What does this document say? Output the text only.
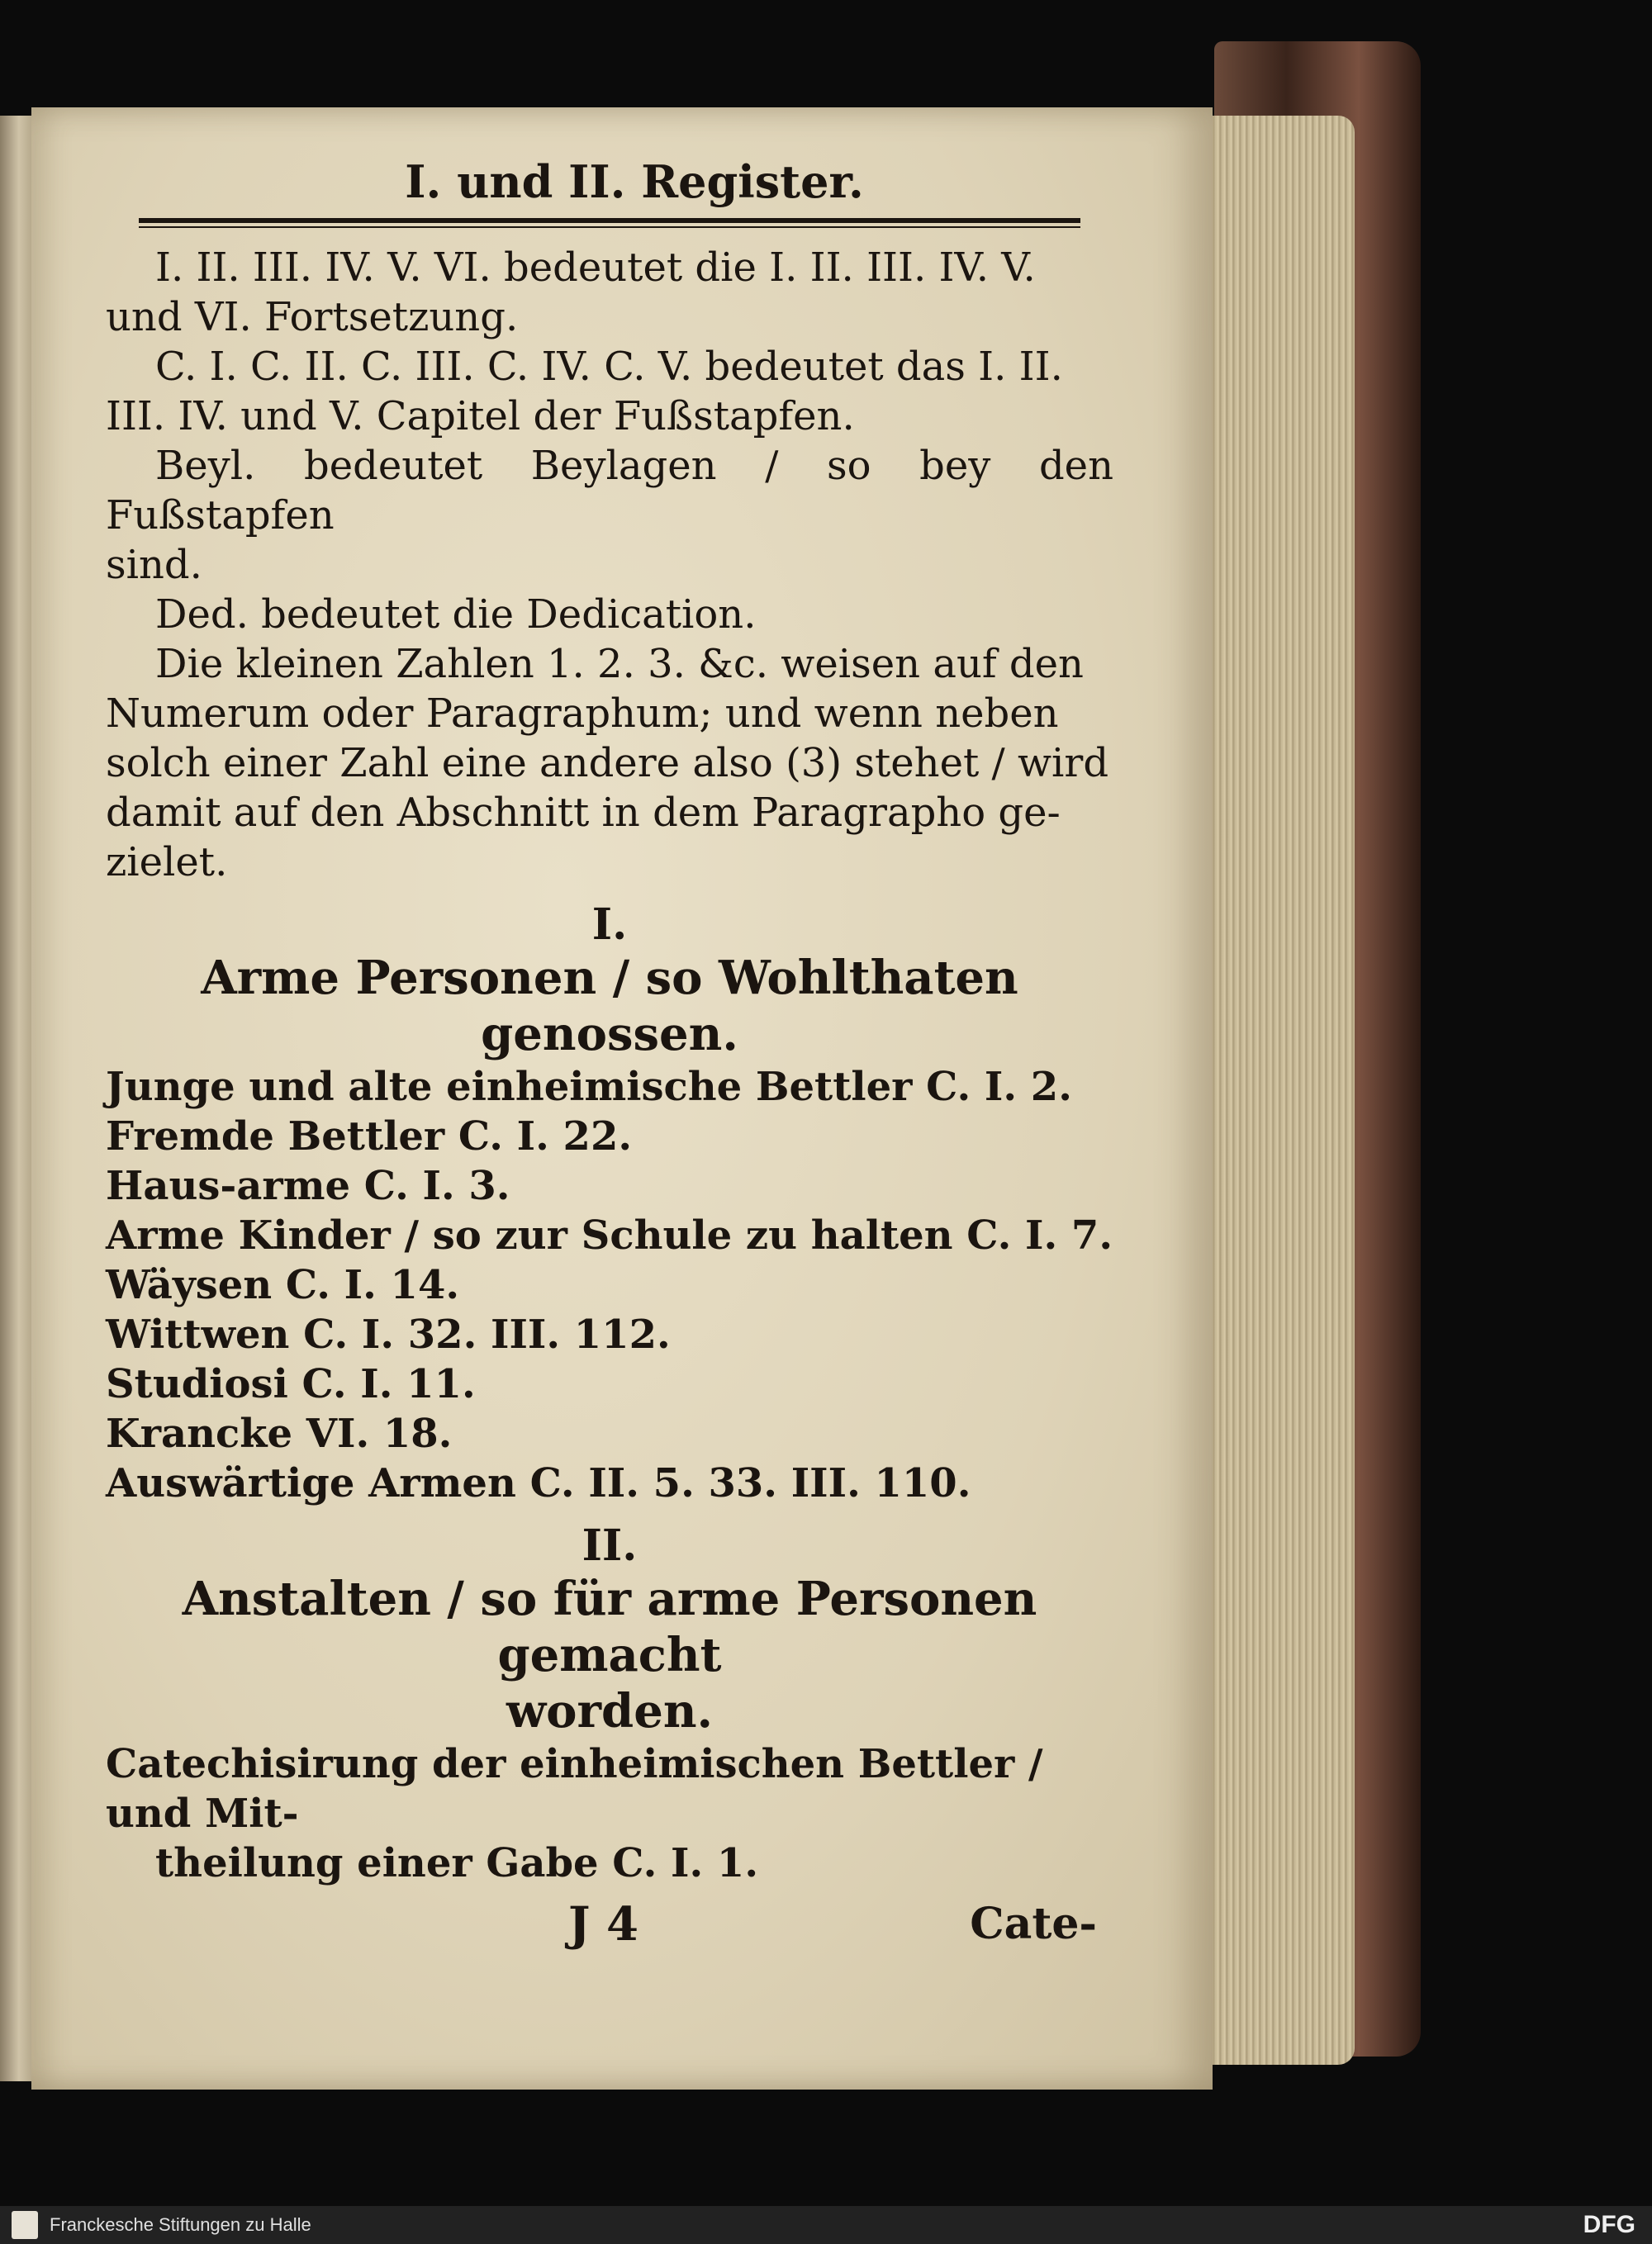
I. und II. Register.

I. II. III. IV. V. VI. bedeutet die I. II. III. IV. V.
und VI. Fortsetzung.

C. I. C. II. C. III. C. IV. C. V. bedeutet das I. II.
III. IV. und V. Capitel der Fußstapfen.

Beyl. bedeutet Beylagen / so bey den Fußstapfen
sind.

Ded. bedeutet die Dedication.

Die kleinen Zahlen 1. 2. 3. &c. weisen auf den
Numerum oder Paragraphum; und wenn neben
solch einer Zahl eine andere also (3) stehet / wird
damit auf den Abschnitt in dem Paragrapho ge-
zielet.

I.
Arme Personen / so Wohlthaten genossen.

Junge und alte einheimische Bettler C. I. 2.

Fremde Bettler C. I. 22.

Haus-arme C. I. 3.

Arme Kinder / so zur Schule zu halten C. I. 7.

Wäysen C. I. 14.

Wittwen C. I. 32. III. 112.

Studiosi C. I. 11.

Krancke VI. 18.

Auswärtige Armen C. II. 5. 33. III. 110.

II.
Anstalten / so für arme Personen gemacht
worden.

Catechisirung der einheimischen Bettler / und Mit-

theilung einer Gabe C. I. 1.

J 4	Cate-
Franckesche Stiftungen zu Halle	DFG
